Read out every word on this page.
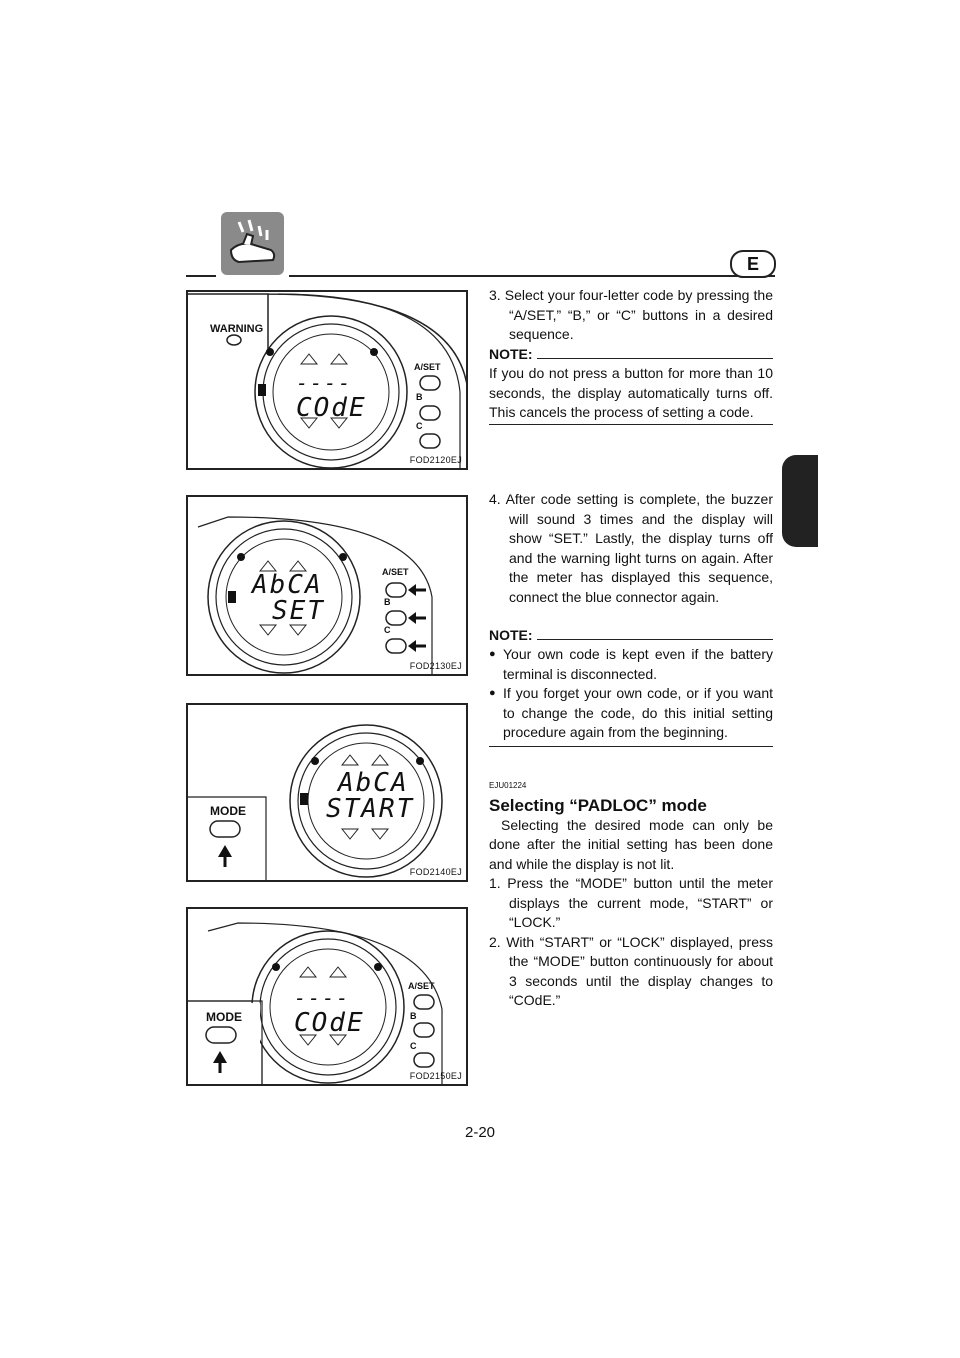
E
WARNING
----
COdE
A/SET
B
C
FOD2120EJ
AbCA
SET
A/SET
B
C
FOD2130EJ
MODE
AbCA
START
FOD2140EJ
MODE
----
COdE
A/SET
B
C
FOD2150EJ

3. Select your four-letter code by pressing the “A/SET,” “B,” or “C” buttons in a desired sequence.

NOTE:

If you do not press a button for more than 10 seconds, the display automatically turns off. This cancels the process of setting a code.

4. After code setting is complete, the buzzer will sound 3 times and the display will show “SET.” Lastly, the display turns off and the warning light turns on again. After the meter has displayed this sequence, connect the blue connector again.

NOTE:

● Your own code is kept even if the battery terminal is disconnected.

● If you forget your own code, or if you want to change the code, do this initial setting procedure again from the beginning.

EJU01224
Selecting “PADLOC” mode

Selecting the desired mode can only be done after the initial setting has been done and while the display is not lit.

1. Press the “MODE” button until the meter displays the current mode, “START” or “LOCK.”

2. With “START” or “LOCK” displayed, press the “MODE” button continuously for about 3 seconds until the display changes to “COdE.”

2-20
